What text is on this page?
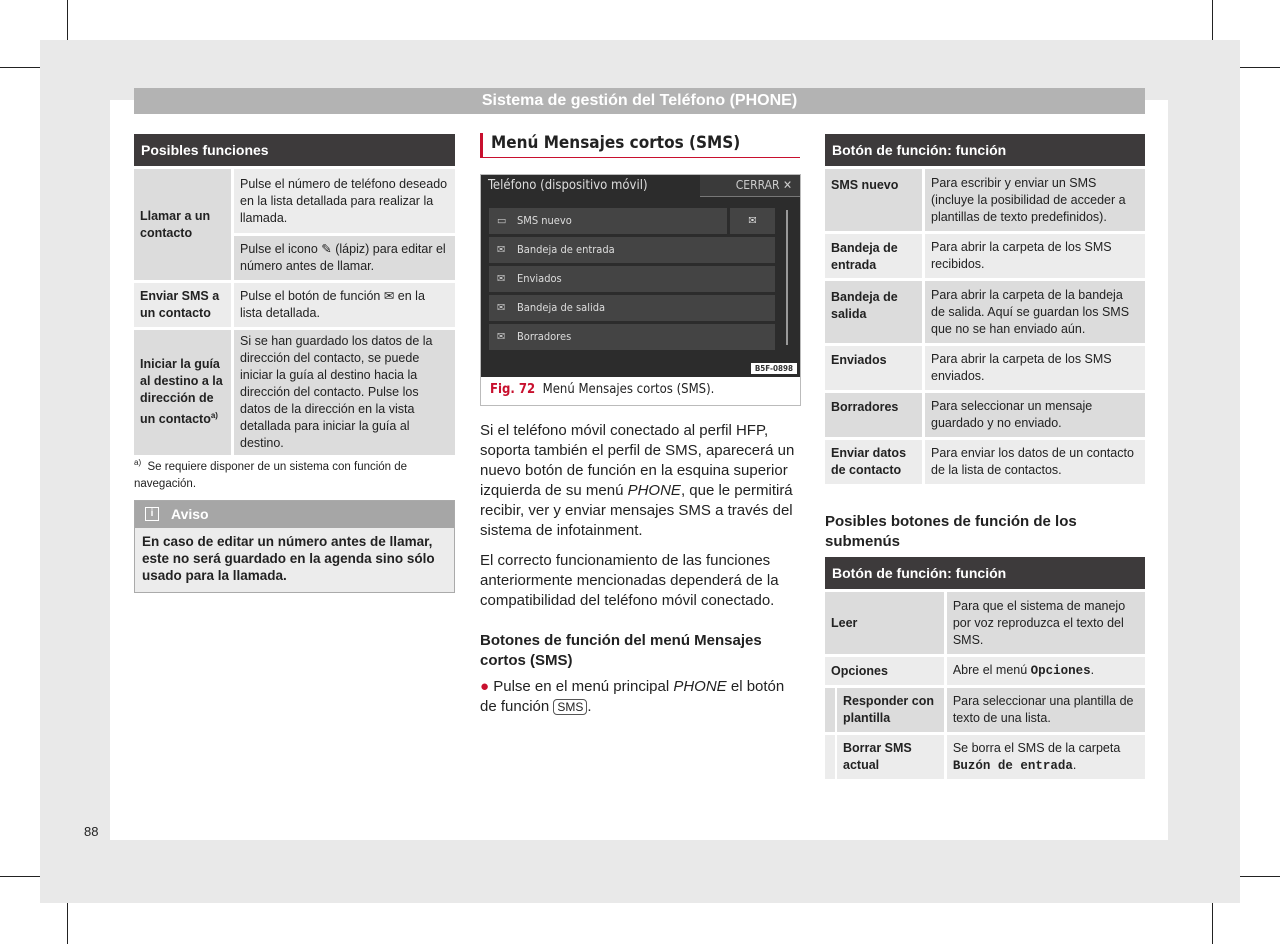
Sistema de gestión del Teléfono (PHONE)
88
Posibles funciones	
Llamar a un contacto	Pulse el número de teléfono deseado en la lista detallada para realizar la llamada.
	Pulse el icono ✎ (lápiz) para editar el número antes de llamar.
Enviar SMS a un contacto	Pulse el botón de función ✉ en la lista detallada.
Iniciar la guía al destino a la dirección de un contacto$^{a)}$	Si se han guardado los datos de la dirección del contacto, se puede iniciar la guía al destino hacia la dirección del contacto. Pulse los datos de la dirección en la vista detallada para iniciar la guía al destino.
$^{a)}$ Se requiere disponer de un sistema con función de navegación.
i	Aviso
En caso de editar un número antes de llamar, este no será guardado en la agenda sino sólo usado para la llamada.
Menú Mensajes cortos (SMS)
Teléfono (dispositivo móvil)	CERRAR ✕
▭ SMS nuevo	✉
✉ Bandeja de entrada
✉ Enviados
✉ Bandeja de salida
✉ Borradores
B5F-0898
Fig. 72 Menú Mensajes cortos (SMS).
Si el teléfono móvil conectado al perfil HFP, soporta también el perfil de SMS, aparecerá un nuevo botón de función en la esquina superior izquierda de su menú PHONE, que le permitirá recibir, ver y enviar mensajes SMS a través del sistema de infotainment.
El correcto funcionamiento de las funciones anteriormente mencionadas dependerá de la compatibilidad del teléfono móvil conectado.
Botones de función del menú Mensajes cortos (SMS)
● Pulse en el menú principal PHONE el botón de función SMS .
Botón de función: función	
SMS nuevo	Para escribir y enviar un SMS (incluye la posibilidad de acceder a plantillas de texto predefinidos).
Bandeja de entrada	Para abrir la carpeta de los SMS recibidos.
Bandeja de salida	Para abrir la carpeta de la bandeja de salida. Aquí se guardan los SMS que no se han enviado aún.
Enviados	Para abrir la carpeta de los SMS enviados.
Borradores	Para seleccionar un mensaje guardado y no enviado.
Enviar datos de contacto	Para enviar los datos de un contacto de la lista de contactos.
Posibles botones de función de los submenús
Botón de función: función		
Leer		Para que el sistema de manejo por voz reproduzca el texto del SMS.
Opciones		Abre el menú Opciones.
	Responder con plantilla	Para seleccionar una plantilla de texto de una lista.
	Borrar SMS actual	Se borra el SMS de la carpeta Buzón de entrada.
